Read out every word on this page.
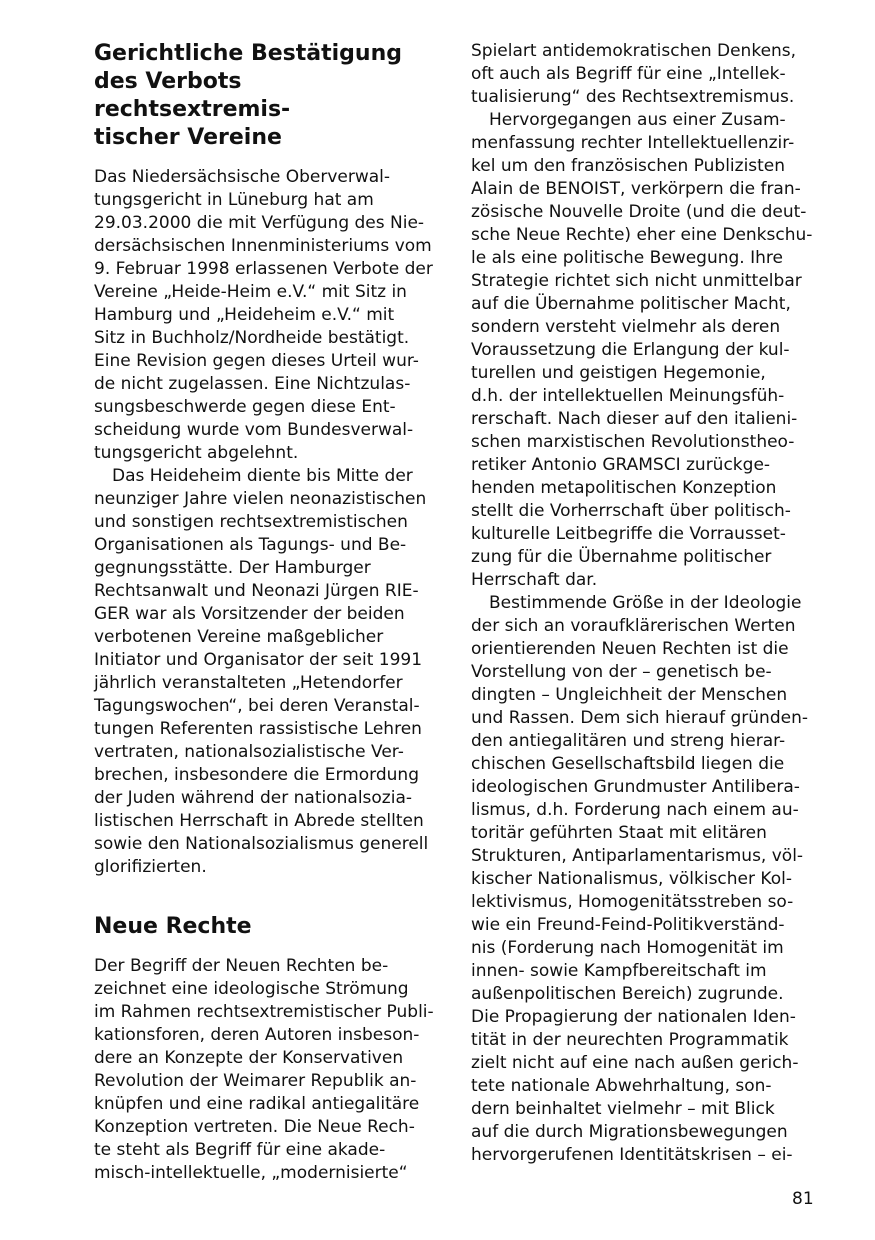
Gerichtliche Bestätigung
des Verbots rechtsextremis-
tischer Vereine
Das Niedersächsische Oberverwal-
tungsgericht in Lüneburg hat am
29.03.2000 die mit Verfügung des Nie-
dersächsischen Innenministeriums vom
9. Februar 1998 erlassenen Verbote der
Vereine „Heide-Heim e.V.“ mit Sitz in
Hamburg und „Heideheim e.V.“ mit
Sitz in Buchholz/Nordheide bestätigt.
Eine Revision gegen dieses Urteil wur-
de nicht zugelassen. Eine Nichtzulas-
sungsbeschwerde gegen diese Ent-
scheidung wurde vom Bundesverwal-
tungsgericht abgelehnt.
Das Heideheim diente bis Mitte der
neunziger Jahre vielen neonazistischen
und sonstigen rechtsextremistischen
Organisationen als Tagungs- und Be-
gegnungsstätte. Der Hamburger
Rechtsanwalt und Neonazi Jürgen RIE-
GER war als Vorsitzender der beiden
verbotenen Vereine maßgeblicher
Initiator und Organisator der seit 1991
jährlich veranstalteten „Hetendorfer
Tagungswochen“, bei deren Veranstal-
tungen Referenten rassistische Lehren
vertraten, nationalsozialistische Ver-
brechen, insbesondere die Ermordung
der Juden während der nationalsozia-
listischen Herrschaft in Abrede stellten
sowie den Nationalsozialismus generell
glorifizierten.
Neue Rechte
Der Begriff der Neuen Rechten be-
zeichnet eine ideologische Strömung
im Rahmen rechtsextremistischer Publi-
kationsforen, deren Autoren insbeson-
dere an Konzepte der Konservativen
Revolution der Weimarer Republik an-
knüpfen und eine radikal antiegalitäre
Konzeption vertreten. Die Neue Rech-
te steht als Begriff für eine akade-
misch-intellektuelle, „modernisierte“
Spielart antidemokratischen Denkens,
oft auch als Begriff für eine „Intellek-
tualisierung“ des Rechtsextremismus.
Hervorgegangen aus einer Zusam-
menfassung rechter Intellektuellenzir-
kel um den französischen Publizisten
Alain de BENOIST, verkörpern die fran-
zösische Nouvelle Droite (und die deut-
sche Neue Rechte) eher eine Denkschu-
le als eine politische Bewegung. Ihre
Strategie richtet sich nicht unmittelbar
auf die Übernahme politischer Macht,
sondern versteht vielmehr als deren
Voraussetzung die Erlangung der kul-
turellen und geistigen Hegemonie,
d.h. der intellektuellen Meinungsfüh-
rerschaft. Nach dieser auf den italieni-
schen marxistischen Revolutionstheo-
retiker Antonio GRAMSCI zurückge-
henden metapolitischen Konzeption
stellt die Vorherrschaft über politisch-
kulturelle Leitbegriffe die Vorrausset-
zung für die Übernahme politischer
Herrschaft dar.
Bestimmende Größe in der Ideologie
der sich an voraufklärerischen Werten
orientierenden Neuen Rechten ist die
Vorstellung von der – genetisch be-
dingten – Ungleichheit der Menschen
und Rassen. Dem sich hierauf gründen-
den antiegalitären und streng hierar-
chischen Gesellschaftsbild liegen die
ideologischen Grundmuster Antilibera-
lismus, d.h. Forderung nach einem au-
toritär geführten Staat mit elitären
Strukturen, Antiparlamentarismus, völ-
kischer Nationalismus, völkischer Kol-
lektivismus, Homogenitätsstreben so-
wie ein Freund-Feind-Politikverständ-
nis (Forderung nach Homogenität im
innen- sowie Kampfbereitschaft im
außenpolitischen Bereich) zugrunde.
Die Propagierung der nationalen Iden-
tität in der neurechten Programmatik
zielt nicht auf eine nach außen gerich-
tete nationale Abwehrhaltung, son-
dern beinhaltet vielmehr – mit Blick
auf die durch Migrationsbewegungen
hervorgerufenen Identitätskrisen – ei-
81
